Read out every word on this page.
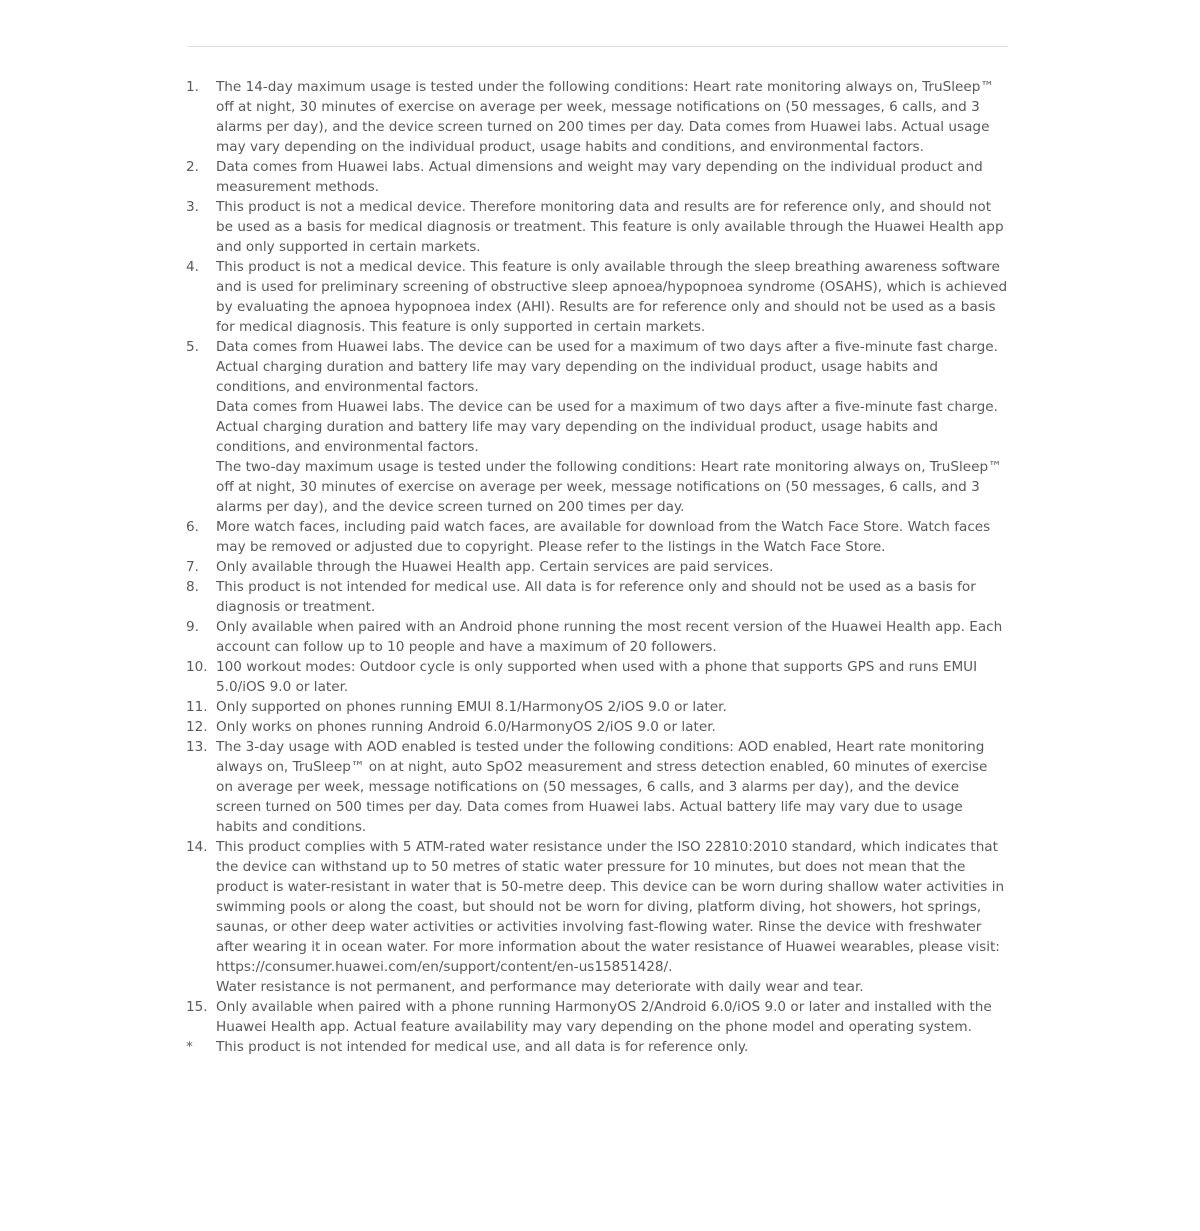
1.	The 14-day maximum usage is tested under the following conditions: Heart rate monitoring always on, TruSleep™ off at night, 30 minutes of exercise on average per week, message notifications on (50 messages, 6 calls, and 3 alarms per day), and the device screen turned on 200 times per day. Data comes from Huawei labs. Actual usage may vary depending on the individual product, usage habits and conditions, and environmental factors.

2.	Data comes from Huawei labs. Actual dimensions and weight may vary depending on the individual product and measurement methods.

3.	This product is not a medical device. Therefore monitoring data and results are for reference only, and should not be used as a basis for medical diagnosis or treatment. This feature is only available through the Huawei Health app and only supported in certain markets.

4.	This product is not a medical device. This feature is only available through the sleep breathing awareness software and is used for preliminary screening of obstructive sleep apnoea/hypopnoea syndrome (OSAHS), which is achieved by evaluating the apnoea hypopnoea index (AHI). Results are for reference only and should not be used as a basis for medical diagnosis. This feature is only supported in certain markets.

5.	Data comes from Huawei labs. The device can be used for a maximum of two days after a five-minute fast charge. Actual charging duration and battery life may vary depending on the individual product, usage habits and conditions, and environmental factors.

Data comes from Huawei labs. The device can be used for a maximum of two days after a five-minute fast charge. Actual charging duration and battery life may vary depending on the individual product, usage habits and conditions, and environmental factors.

The two-day maximum usage is tested under the following conditions: Heart rate monitoring always on, TruSleep™ off at night, 30 minutes of exercise on average per week, message notifications on (50 messages, 6 calls, and 3 alarms per day), and the device screen turned on 200 times per day.

6.	More watch faces, including paid watch faces, are available for download from the Watch Face Store. Watch faces may be removed or adjusted due to copyright. Please refer to the listings in the Watch Face Store.

7.	Only available through the Huawei Health app. Certain services are paid services.

8.	This product is not intended for medical use. All data is for reference only and should not be used as a basis for diagnosis or treatment.

9.	Only available when paired with an Android phone running the most recent version of the Huawei Health app. Each account can follow up to 10 people and have a maximum of 20 followers.

10. 100 workout modes: Outdoor cycle is only supported when used with a phone that supports GPS and runs EMUI 5.0/iOS 9.0 or later.

11. Only supported on phones running EMUI 8.1/HarmonyOS 2/iOS 9.0 or later.

12. Only works on phones running Android 6.0/HarmonyOS 2/iOS 9.0 or later.

13. The 3-day usage with AOD enabled is tested under the following conditions: AOD enabled, Heart rate monitoring always on, TruSleep™ on at night, auto SpO2 measurement and stress detection enabled, 60 minutes of exercise on average per week, message notifications on (50 messages, 6 calls, and 3 alarms per day), and the device screen turned on 500 times per day. Data comes from Huawei labs. Actual battery life may vary due to usage habits and conditions.

14. This product complies with 5 ATM-rated water resistance under the ISO 22810:2010 standard, which indicates that the device can withstand up to 50 metres of static water pressure for 10 minutes, but does not mean that the product is water-resistant in water that is 50-metre deep. This device can be worn during shallow water activities in swimming pools or along the coast, but should not be worn for diving, platform diving, hot showers, hot springs, saunas, or other deep water activities or activities involving fast-flowing water. Rinse the device with freshwater after wearing it in ocean water. For more information about the water resistance of Huawei wearables, please visit: https://consumer.huawei.com/en/support/content/en-us15851428/.

Water resistance is not permanent, and performance may deteriorate with daily wear and tear.

15. Only available when paired with a phone running HarmonyOS 2/Android 6.0/iOS 9.0 or later and installed with the Huawei Health app. Actual feature availability may vary depending on the phone model and operating system.

*	This product is not intended for medical use, and all data is for reference only.
